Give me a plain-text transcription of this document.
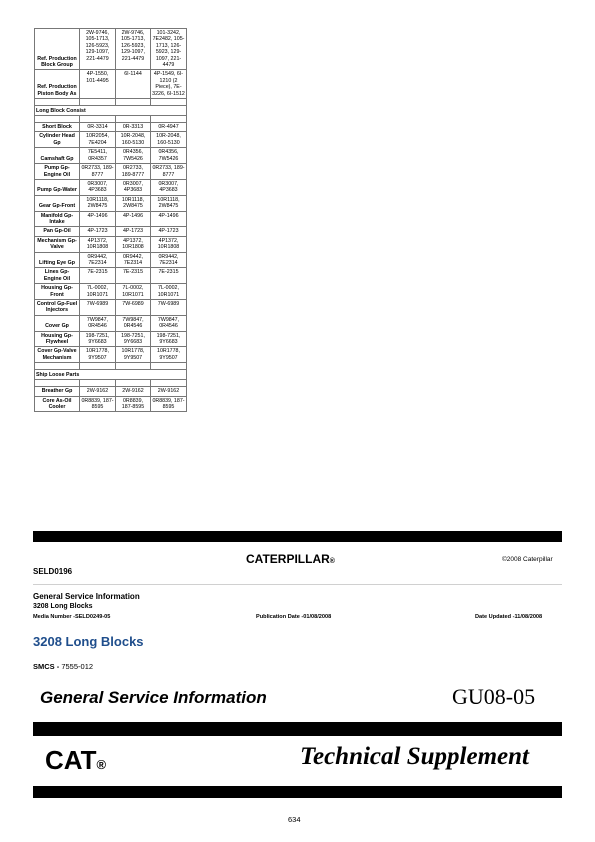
Ref. Production Block Group	2W-9746, 105-1713, 126-5923, 129-1097, 221-4479	2W-9746, 105-1713, 126-5923, 129-1097, 221-4479	101-3242, 7E2482, 105-1713, 126-5923, 129-1097, 221-4479
Ref. Production Piston Body As	4P-1550, 101-4495	6I-1144	4P-1549, 6I-1210 (2 Piece), 7E-3226, 6I-1512

Long Block Consist			

Short Block	0R-3314	0R-3313	0R-4947
Cylinder Head Gp	10R2054, 7E4204	10R-2048, 160-5130	10R-2048, 160-5130
Camshaft Gp	7E5411, 0R4357	0R4356, 7W5426	0R4356, 7W5426
Pump Gp-Engine Oil	0R2733, 189-8777	0R2733, 189-8777	0R2733, 189-8777
Pump Gp-Water	0R3007, 4P3683	0R3007, 4P3683	0R3007, 4P3683
Gear Gp-Front	10R1118, 2W8475	10R1118, 2W8475	10R1118, 2W8475
Manifold Gp-Intake	4P-1496	4P-1496	4P-1496
Pan Gp-Oil	4P-1723	4P-1723	4P-1723
Mechanism Gp-Valve	4P1372, 10R1808	4P1372, 10R1808	4P1372, 10R1808
Lifting Eye Gp	0R9442, 7E2314	0R9442, 7E2314	0R9442, 7E2314
Lines Gp-Engine Oil	7E-2315	7E-2315	7E-2315
Housing Gp-Front	7L-0002, 10R1071	7L-0002, 10R1071	7L-0002, 10R1071
Control Gp-Fuel Injectors	7W-6989	7W-6989	7W-6989
Cover Gp	7W9847, 0R4546	7W9847, 0R4546	7W9847, 0R4546
Housing Gp-Flywheel	198-7251, 9Y6683	198-7251, 9Y6683	198-7251, 9Y6683
Cover Gp-Valve Mechanism	10R1778, 9Y9507	10R1778, 9Y9507	10R1778, 9Y9507

Ship Loose Parts			

Breather Gp	2W-9162	2W-9162	2W-9162
Core As-Oil Cooler	0R8839, 187-8595	0R8839, 187-8595	0R8839, 187-8595
SELD0196
CATERPILLAR®	©2008 Caterpillar
General Service Information
3208 Long Blocks
Media Number -SELD0249-05	Publication Date -01/08/2008	Date Updated -11/08/2008
3208 Long Blocks
SMCS - 7555-012
General Service Information	GU08-05
CAT®	Technical Supplement
634
